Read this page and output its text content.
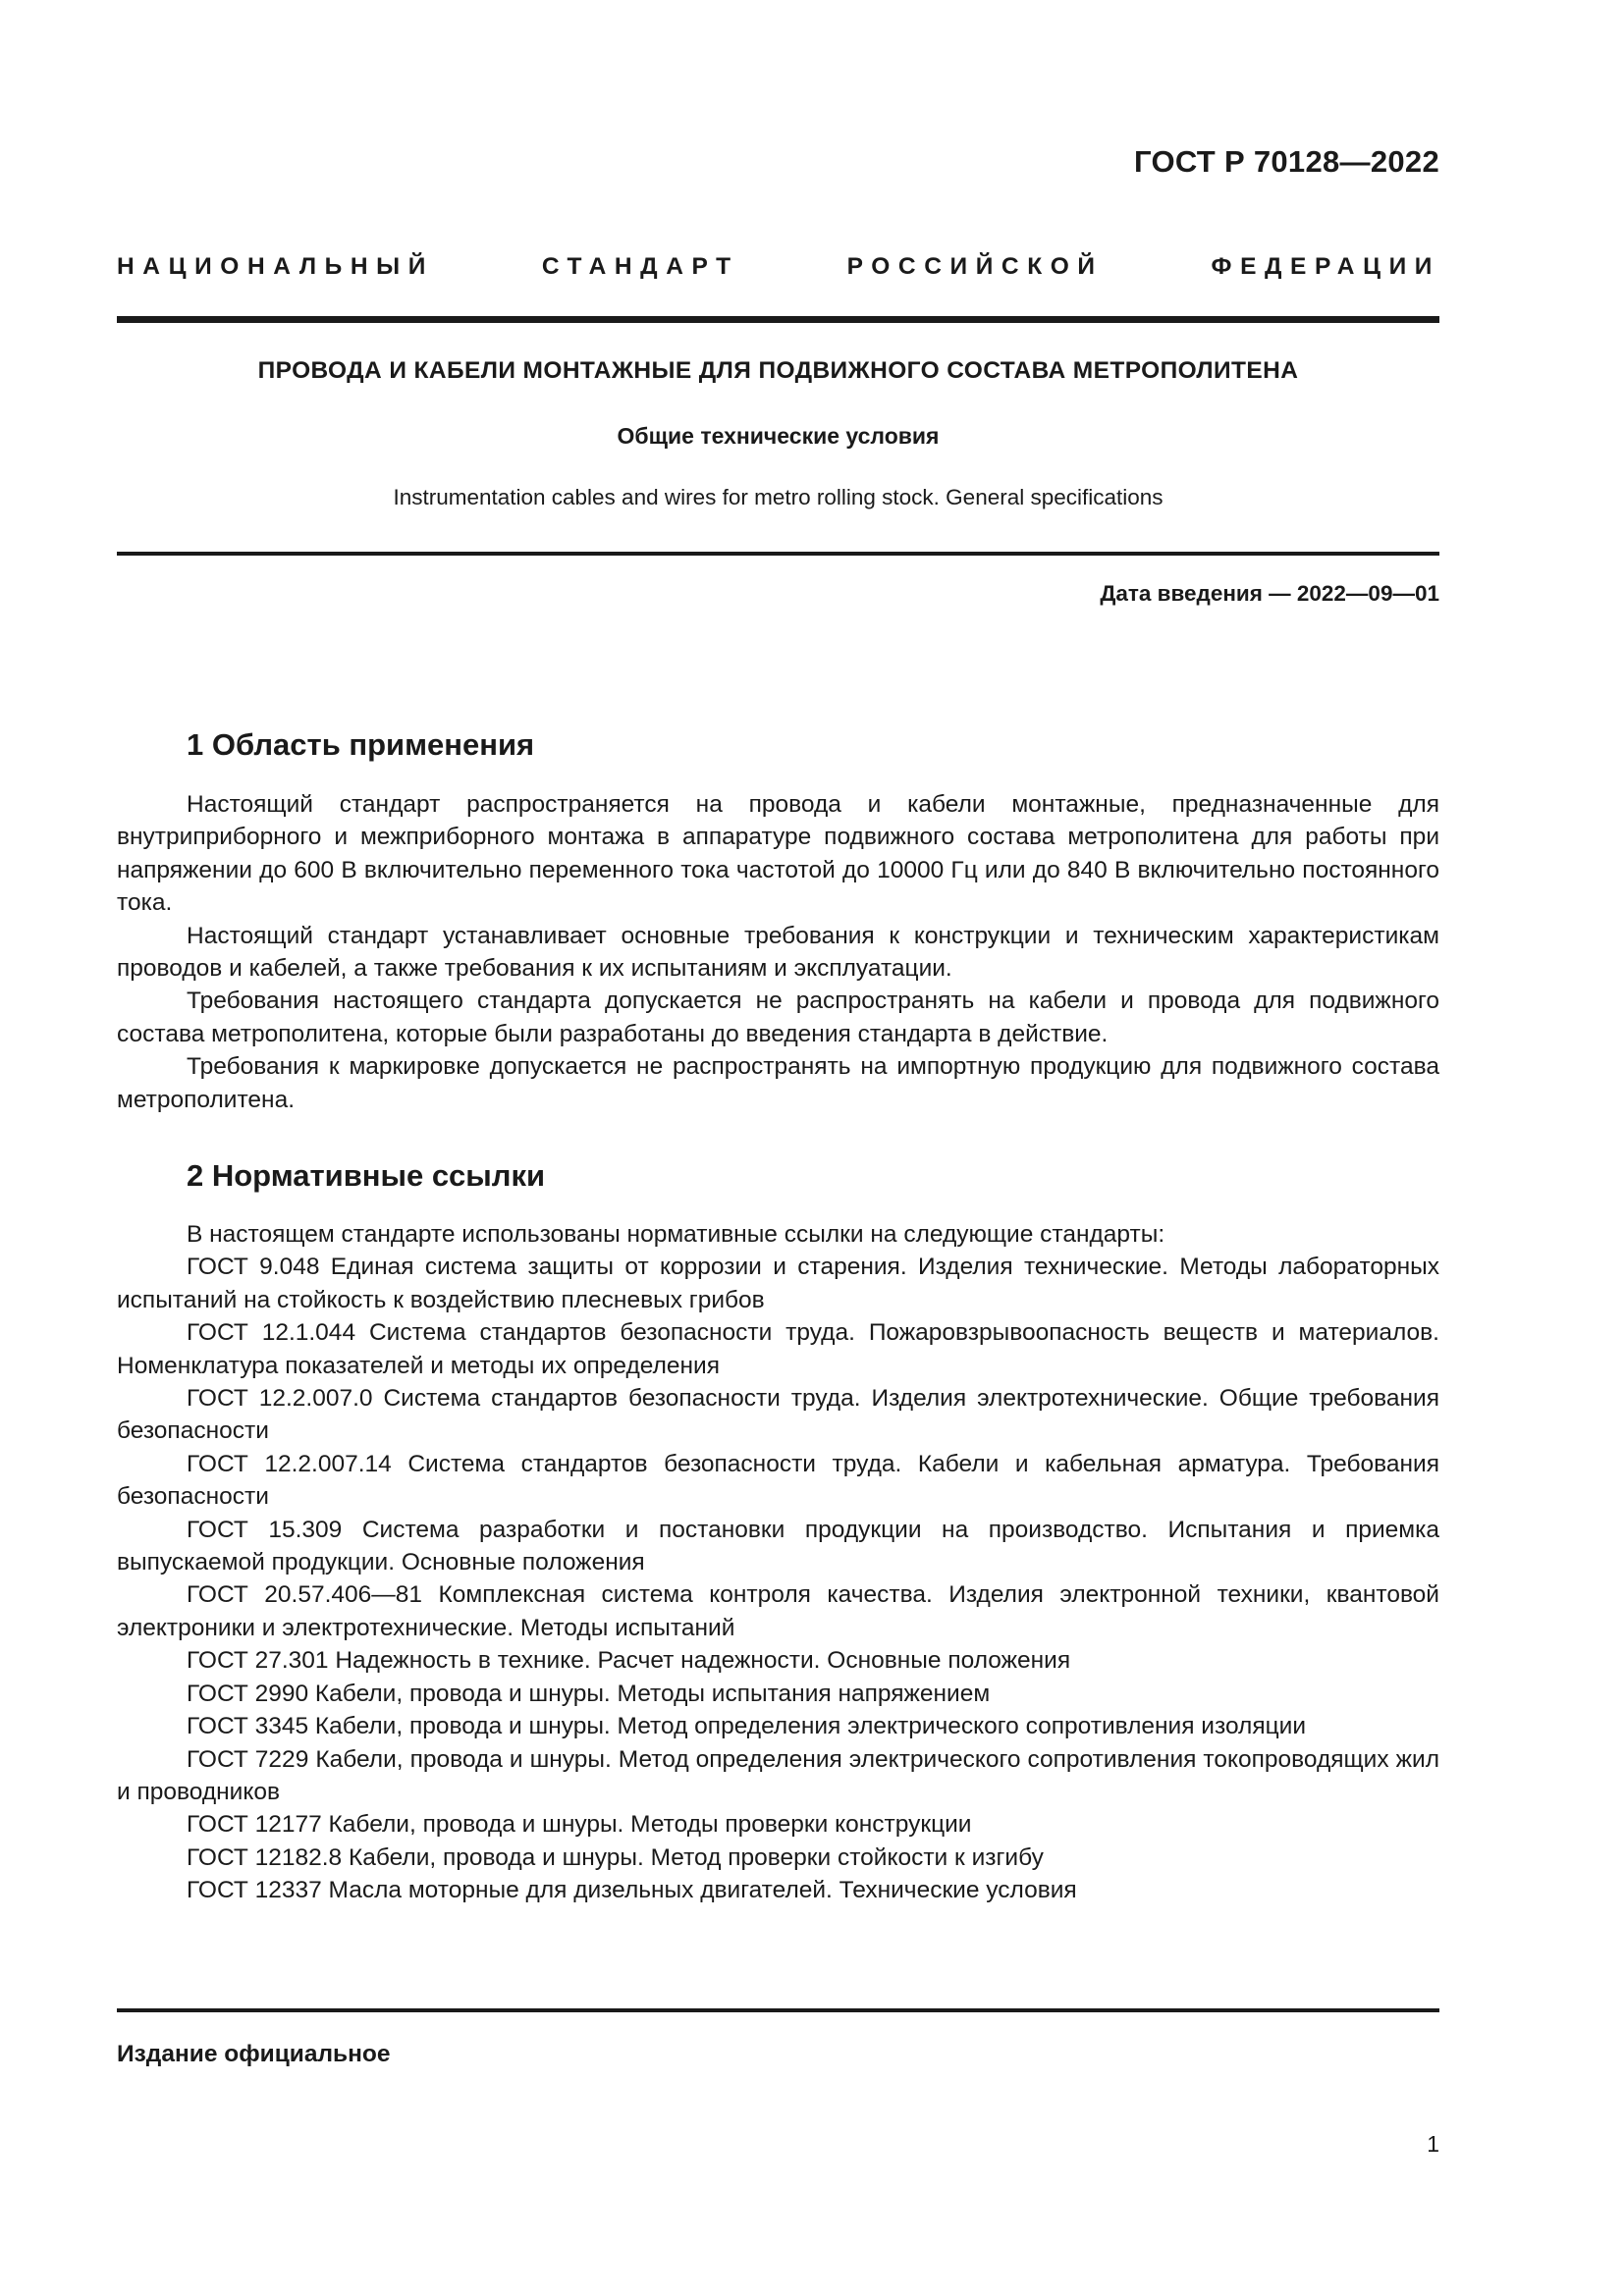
ГОСТ Р 70128—2022
НАЦИОНАЛЬНЫЙ СТАНДАРТ РОССИЙСКОЙ ФЕДЕРАЦИИ
ПРОВОДА И КАБЕЛИ МОНТАЖНЫЕ ДЛЯ ПОДВИЖНОГО СОСТАВА МЕТРОПОЛИТЕНА
Общие технические условия
Instrumentation cables and wires for metro rolling stock. General specifications
Дата введения — 2022—09—01
1 Область применения

Настоящий стандарт распространяется на провода и кабели монтажные, предназначенные для внутриприборного и межприборного монтажа в аппаратуре подвижного состава метрополитена для работы при напряжении до 600 В включительно переменного тока частотой до 10000 Гц или до 840 В включительно постоянного тока.

Настоящий стандарт устанавливает основные требования к конструкции и техническим характеристикам проводов и кабелей, а также требования к их испытаниям и эксплуатации.

Требования настоящего стандарта допускается не распространять на кабели и провода для подвижного состава метрополитена, которые были разработаны до введения стандарта в действие.

Требования к маркировке допускается не распространять на импортную продукцию для подвижного состава метрополитена.

2 Нормативные ссылки

В настоящем стандарте использованы нормативные ссылки на следующие стандарты:

ГОСТ 9.048 Единая система защиты от коррозии и старения. Изделия технические. Методы лабораторных испытаний на стойкость к воздействию плесневых грибов

ГОСТ 12.1.044 Система стандартов безопасности труда. Пожаровзрывоопасность веществ и материалов. Номенклатура показателей и методы их определения

ГОСТ 12.2.007.0 Система стандартов безопасности труда. Изделия электротехнические. Общие требования безопасности

ГОСТ 12.2.007.14 Система стандартов безопасности труда. Кабели и кабельная арматура. Требования безопасности

ГОСТ 15.309 Система разработки и постановки продукции на производство. Испытания и приемка выпускаемой продукции. Основные положения

ГОСТ 20.57.406—81 Комплексная система контроля качества. Изделия электронной техники, квантовой электроники и электротехнические. Методы испытаний

ГОСТ 27.301 Надежность в технике. Расчет надежности. Основные положения

ГОСТ 2990 Кабели, провода и шнуры. Методы испытания напряжением

ГОСТ 3345 Кабели, провода и шнуры. Метод определения электрического сопротивления изоляции

ГОСТ 7229 Кабели, провода и шнуры. Метод определения электрического сопротивления токопроводящих жил и проводников

ГОСТ 12177 Кабели, провода и шнуры. Методы проверки конструкции

ГОСТ 12182.8 Кабели, провода и шнуры. Метод проверки стойкости к изгибу

ГОСТ 12337 Масла моторные для дизельных двигателей. Технические условия

Издание официальное
1
